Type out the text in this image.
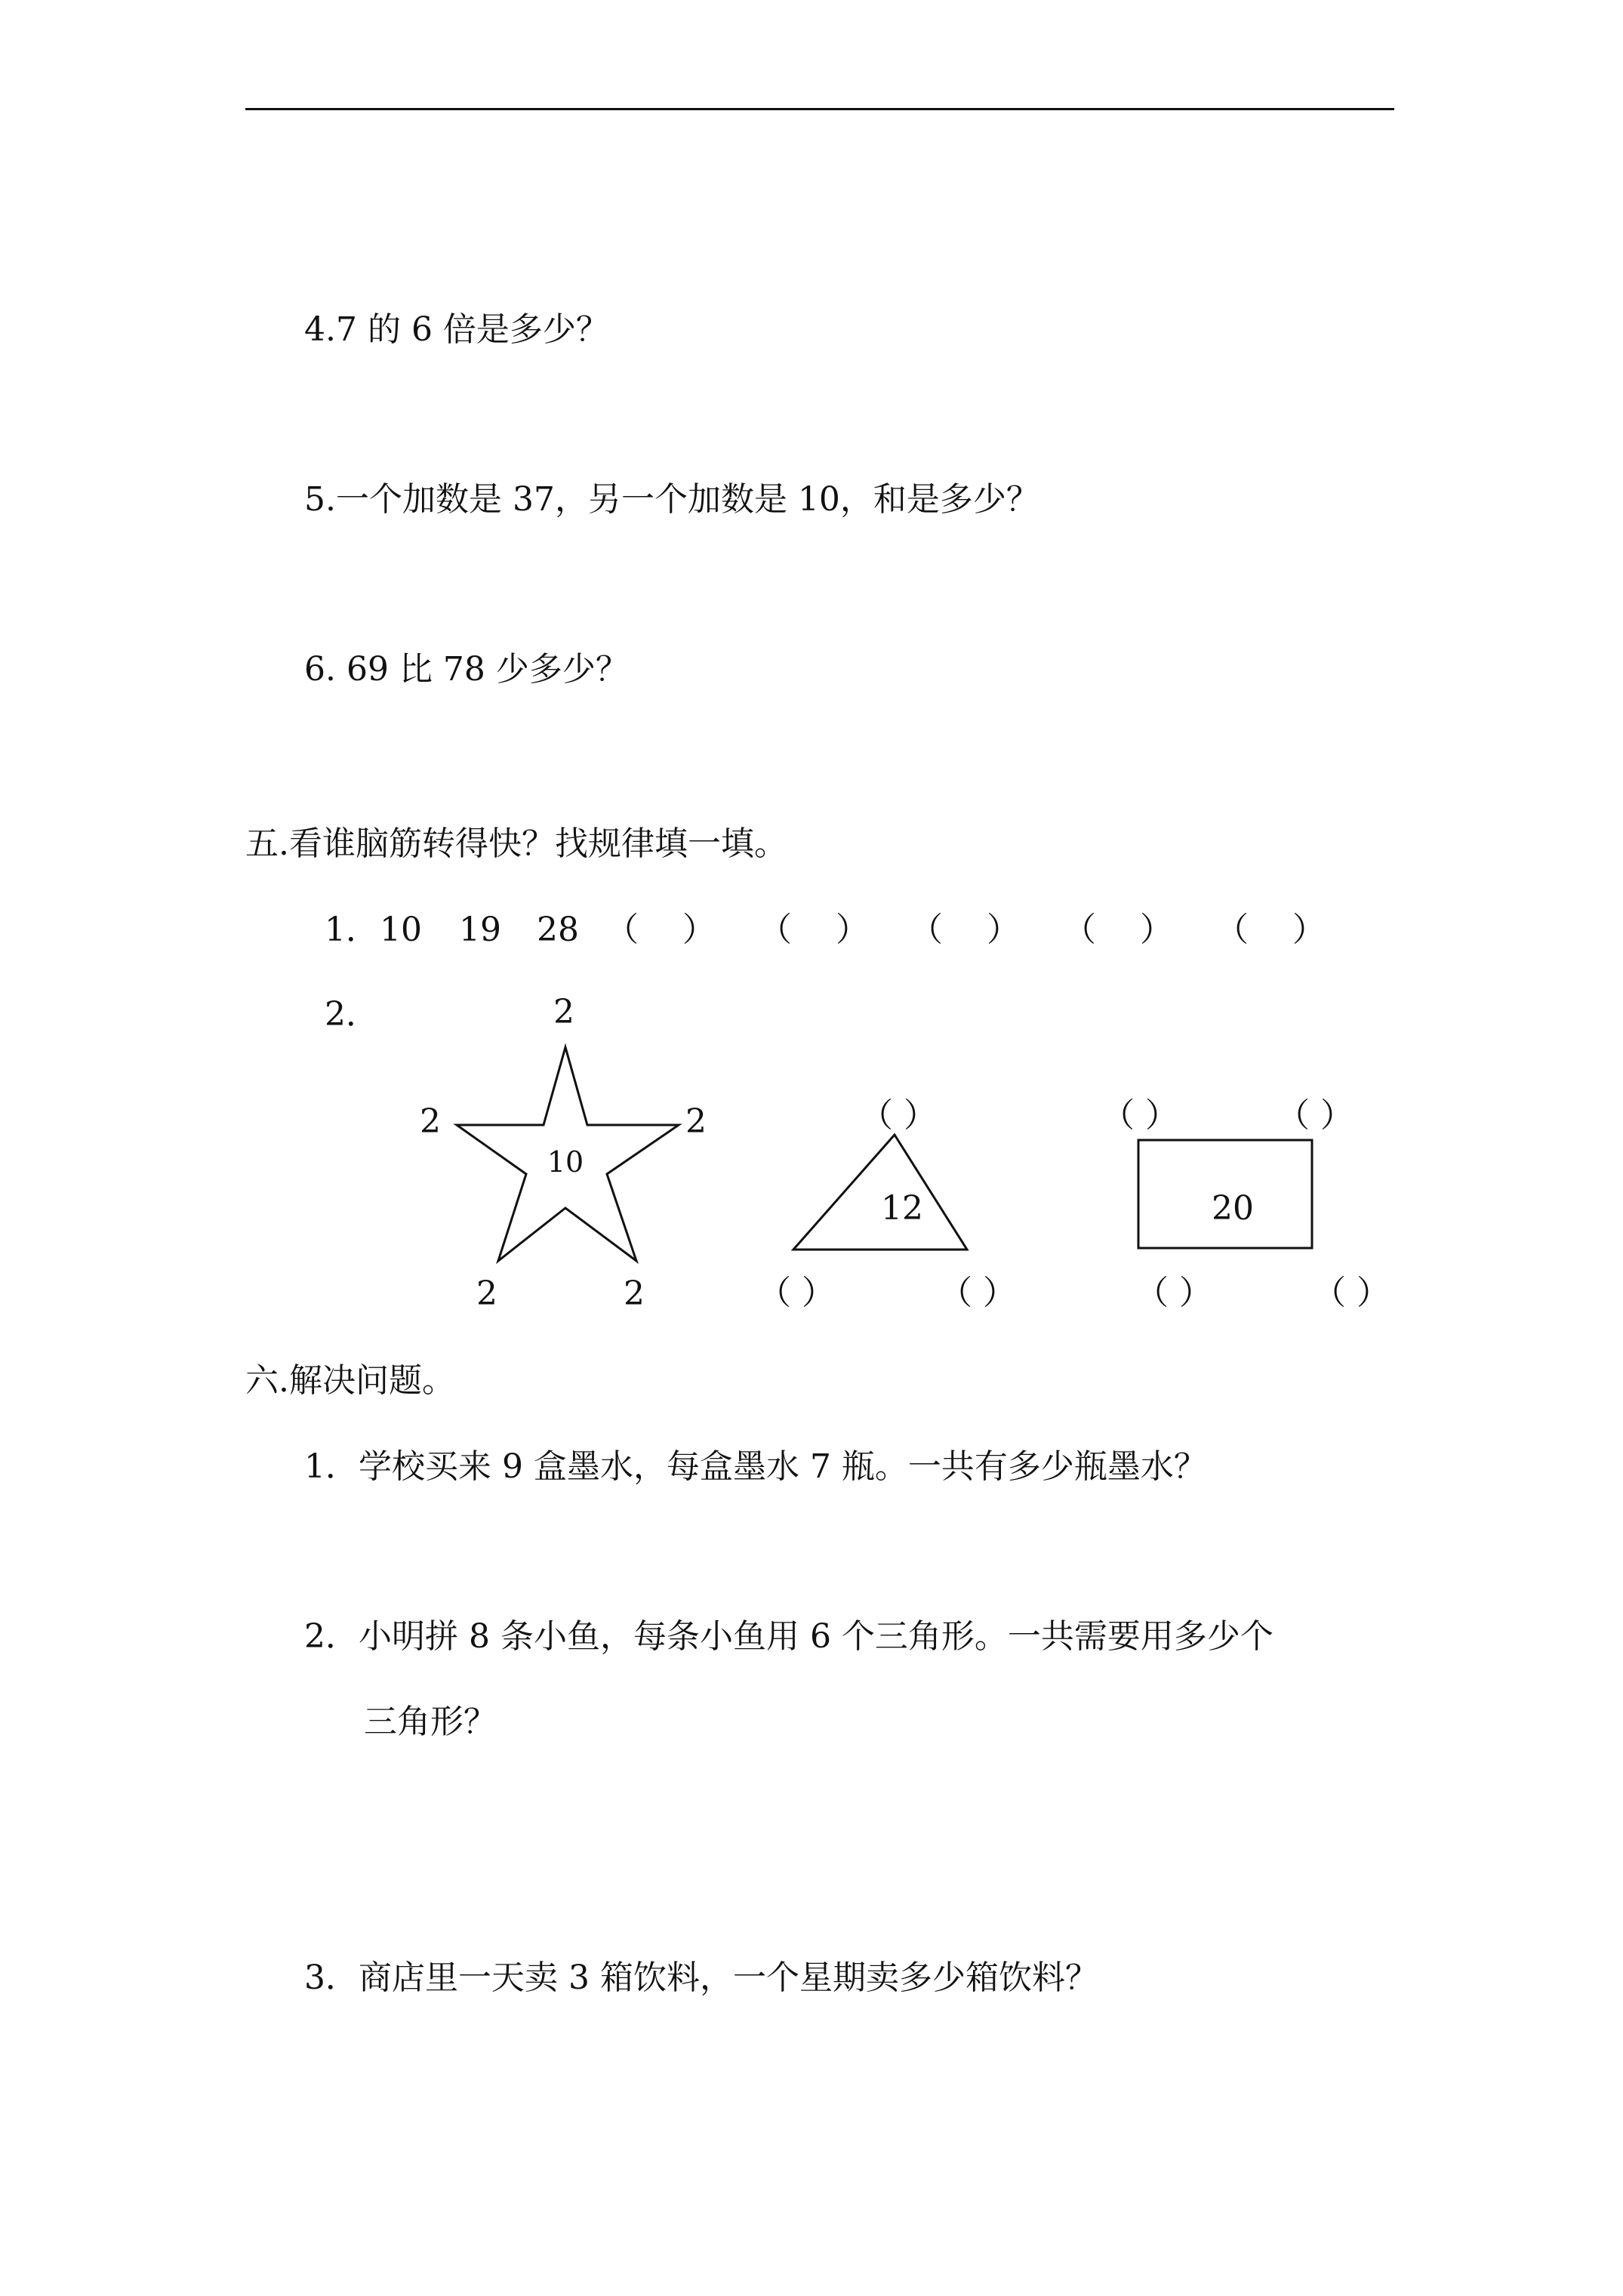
4.7 的 6 倍是多少？
5.一个加数是 37，另一个加数是 10，和是多少？
6. 69 比 78 少多少？
五.看谁脑筋转得快？找规律填一填。
1． 10 19 28 （　 ）	（　 ）	（　 ）	（　 ）	（　 ）
2．	2
2	2
2	2
10
（ ）
（ ）	（ ）
12
（ ）	（ ）
（ ）	（ ）
20
六.解决问题。
1．学校买来 9 盒墨水，每盒墨水 7 瓶。一共有多少瓶墨水？
2．小明拼 8 条小鱼，每条小鱼用 6 个三角形。一共需要用多少个
三角形？
3．商店里一天卖 3 箱饮料，一个星期卖多少箱饮料？
